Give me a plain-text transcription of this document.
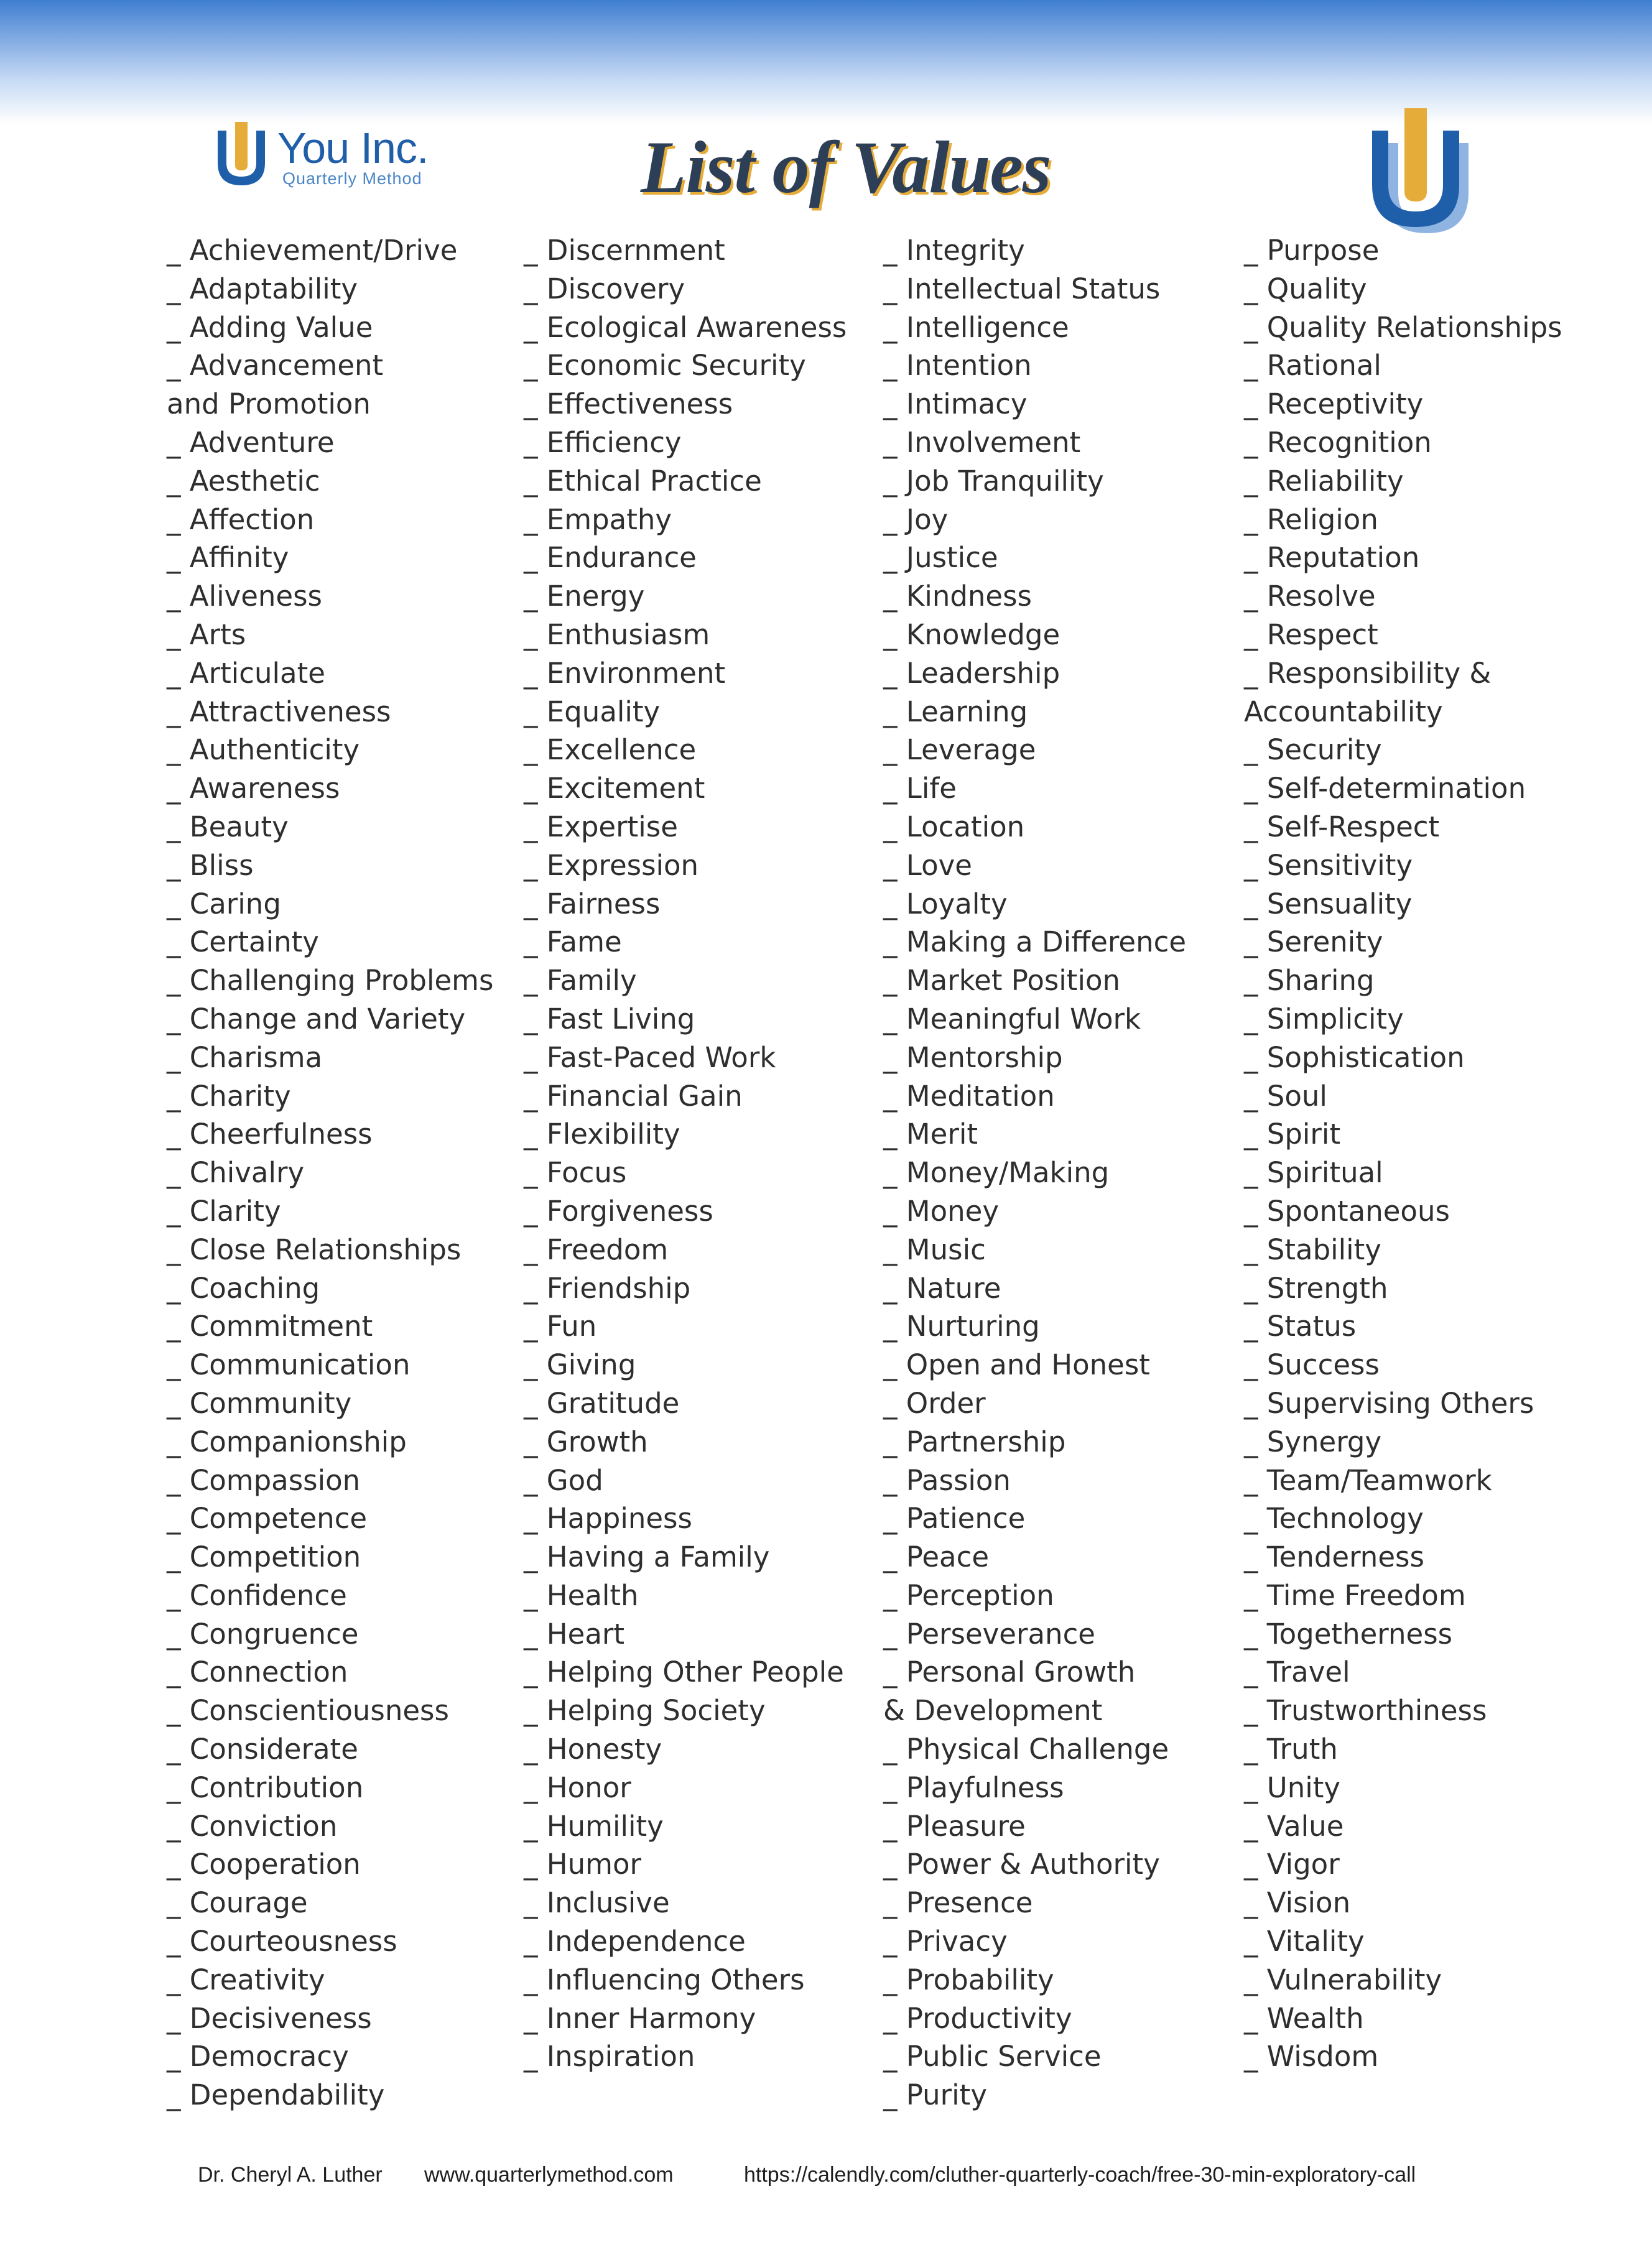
You Inc.
Quarterly Method	List of Values
_ Achievement/Drive
_ Adaptability
_ Adding Value
_ Advancement and Promotion
_ Adventure
_ Aesthetic
_ Affection
_ Affinity
_ Aliveness
_ Arts
_ Articulate
_ Attractiveness
_ Authenticity
_ Awareness
_ Beauty
_ Bliss
_ Caring
_ Certainty
_ Challenging Problems
_ Change and Variety
_ Charisma
_ Charity
_ Cheerfulness
_ Chivalry
_ Clarity
_ Close Relationships
_ Coaching
_ Commitment
_ Communication
_ Community
_ Companionship
_ Compassion
_ Competence
_ Competition
_ Confidence
_ Congruence
_ Connection
_ Conscientiousness
_ Considerate
_ Contribution
_ Conviction
_ Cooperation
_ Courage
_ Courteousness
_ Creativity
_ Decisiveness
_ Democracy
_ Dependability
_ Discernment
_ Discovery
_ Ecological Awareness
_ Economic Security
_ Effectiveness
_ Efficiency
_ Ethical Practice
_ Empathy
_ Endurance
_ Energy
_ Enthusiasm
_ Environment
_ Equality
_ Excellence
_ Excitement
_ Expertise
_ Expression
_ Fairness
_ Fame
_ Family
_ Fast Living
_ Fast-Paced Work
_ Financial Gain
_ Flexibility
_ Focus
_ Forgiveness
_ Freedom
_ Friendship
_ Fun
_ Giving
_ Gratitude
_ Growth
_ God
_ Happiness
_ Having a Family
_ Health
_ Heart
_ Helping Other People
_ Helping Society
_ Honesty
_ Honor
_ Humility
_ Humor
_ Inclusive
_ Independence
_ Influencing Others
_ Inner Harmony
_ Inspiration
_ Integrity
_ Intellectual Status
_ Intelligence
_ Intention
_ Intimacy
_ Involvement
_ Job Tranquility
_ Joy
_ Justice
_ Kindness
_ Knowledge
_ Leadership
_ Learning
_ Leverage
_ Life
_ Location
_ Love
_ Loyalty
_ Making a Difference
_ Market Position
_ Meaningful Work
_ Mentorship
_ Meditation
_ Merit
_ Money/Making
_ Money
_ Music
_ Nature
_ Nurturing
_ Open and Honest
_ Order
_ Partnership
_ Passion
_ Patience
_ Peace
_ Perception
_ Perseverance
_ Personal Growth & Development
_ Physical Challenge
_ Playfulness
_ Pleasure
_ Power & Authority
_ Presence
_ Privacy
_ Probability
_ Productivity
_ Public Service
_ Purity
_ Purpose
_ Quality
_ Quality Relationships
_ Rational
_ Receptivity
_ Recognition
_ Reliability
_ Religion
_ Reputation
_ Resolve
_ Respect
_ Responsibility & Accountability
_ Security
_ Self-determination
_ Self-Respect
_ Sensitivity
_ Sensuality
_ Serenity
_ Sharing
_ Simplicity
_ Sophistication
_ Soul
_ Spirit
_ Spiritual
_ Spontaneous
_ Stability
_ Strength
_ Status
_ Success
_ Supervising Others
_ Synergy
_ Team/Teamwork
_ Technology
_ Tenderness
_ Time Freedom
_ Togetherness
_ Travel
_ Trustworthiness
_ Truth
_ Unity
_ Value
_ Vigor
_ Vision
_ Vitality
_ Vulnerability
_ Wealth
_ Wisdom
Dr. Cheryl A. Luther www.quarterlymethod.com	https://calendly.com/cluther-quarterly-coach/free-30-min-exploratory-call
